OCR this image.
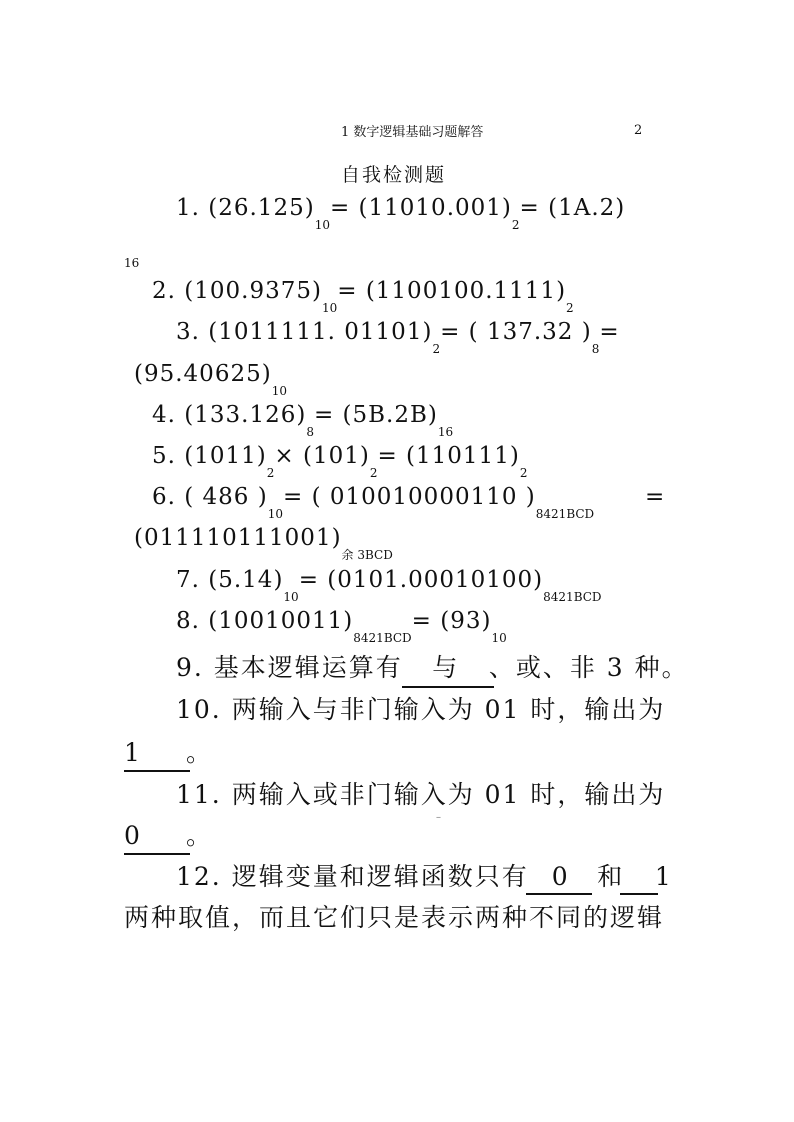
1 数字逻辑基础习题解答	2
自我检测题
1. $(26.125)_{10}= (11010.001)_2= (1A.2)$
16
2. $(100.9375)_{10}= (1100100.1111)_2$
3. (1011111. $01101)_2=$ ( 137.32 )$_8=$
$(95.40625)_{10}$
4. $(133.126)_8= (5B.2B)_{16}$
5. $(1011)_2\times (101)_2= (110111)_2$
6. ( 486 )$_{10}=$ ( 010010000110 )$_{8421BCD}$
=
$(011110111001)_{余 3BCD}$
7. $(5.14)_{10}= (0101.00010100)_{8421BCD}$
8. $(10010011)_{8421BCD}= (93)_{10}$
9. 基本逻辑运算有 与 、或、非 3 种。
10. 两输入与非门输入为 01 时，输出为
1 。
11. 两输入或非门输入为 01 时，输出为
0 。
–
12. 逻辑变量和逻辑函数只有 0 和 1
两种取值，而且它们只是表示两种不同的逻辑
